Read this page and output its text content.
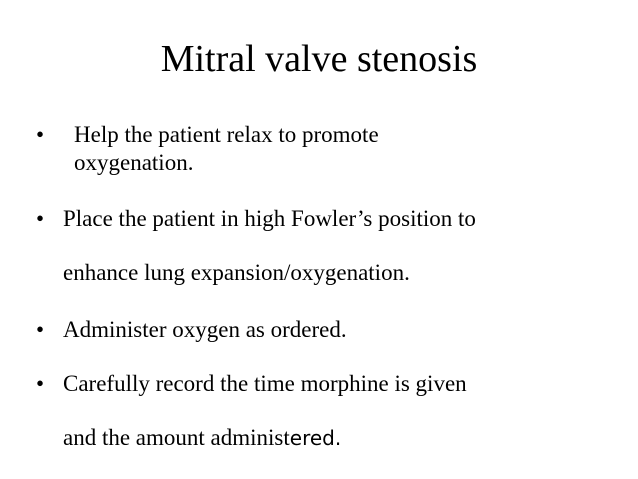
Mitral valve stenosis
• Help the patient relax to promote
oxygenation.
• Place the patient in high Fowler’s position to
enhance lung expansion/oxygenation.
• Administer oxygen as ordered.
• Carefully record the time morphine is given
and the amount administered.
